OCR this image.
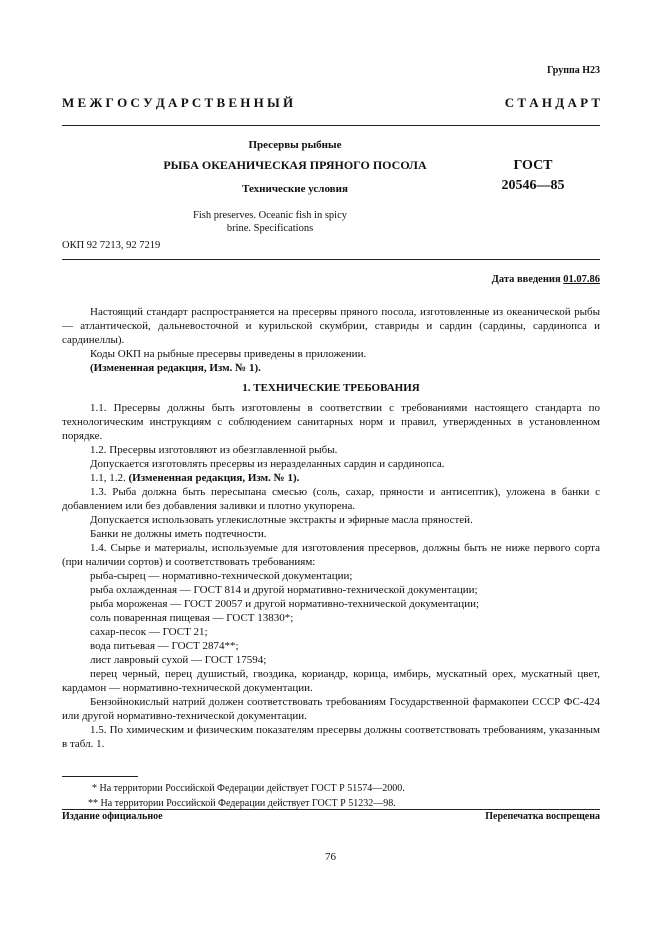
Группа Н23
М Е Ж Г О С У Д А Р С Т В Е Н Н Ы Й	С Т А Н Д А Р Т
Пресервы рыбные
РЫБА ОКЕАНИЧЕСКАЯ ПРЯНОГО ПОСОЛА
Технические условия
Fish preserves. Oceanic fish in spicy
brine. Specifications
ГОСТ
20546—85
ОКП 92 7213, 92 7219
Дата введения 01.07.86

Настоящий стандарт распространяется на пресервы пряного посола, изготовленные из океанической рыбы — атлантической, дальневосточной и курильской скумбрии, ставриды и сардин (сардины, сардинопса и сардинеллы).

Коды ОКП на рыбные пресервы приведены в приложении.

(Измененная редакция, Изм. № 1).

1. ТЕХНИЧЕСКИЕ ТРЕБОВАНИЯ

1.1. Пресервы должны быть изготовлены в соответствии с требованиями настоящего стандарта по технологическим инструкциям с соблюдением санитарных норм и правил, утвержденных в установленном порядке.

1.2. Пресервы изготовляют из обезглавленной рыбы.

Допускается изготовлять пресервы из неразделанных сардин и сардинопса.

1.1, 1.2. (Измененная редакция, Изм. № 1).

1.3. Рыба должна быть пересыпана смесью (соль, сахар, пряности и антисептик), уложена в банки с добавлением или без добавления заливки и плотно укупорена.

Допускается использовать углекислотные экстракты и эфирные масла пряностей.

Банки не должны иметь подтечности.

1.4. Сырье и материалы, используемые для изготовления пресервов, должны быть не ниже первого сорта (при наличии сортов) и соответствовать требованиям:

рыба-сырец — нормативно-технической документации;

рыба охлажденная — ГОСТ 814 и другой нормативно-технической документации;

рыба мороженая — ГОСТ 20057 и другой нормативно-технической документации;

соль поваренная пищевая — ГОСТ 13830*;

сахар-песок — ГОСТ 21;

вода питьевая — ГОСТ 2874**;

лист лавровый сухой — ГОСТ 17594;

перец черный, перец душистый, гвоздика, кориандр, корица, имбирь, мускатный орех, мускатный цвет, кардамон — нормативно-технической документации.

Бензойнокислый натрий должен соответствовать требованиям Государственной фармакопеи СССР ФС-424 или другой нормативно-технической документации.

1.5. По химическим и физическим показателям пресервы должны соответствовать требованиям, указанным в табл. 1.

* На территории Российской Федерации действует ГОСТ Р 51574—2000.
** На территории Российской Федерации действует ГОСТ Р 51232—98.
Издание официальное	Перепечатка воспрещена
76
